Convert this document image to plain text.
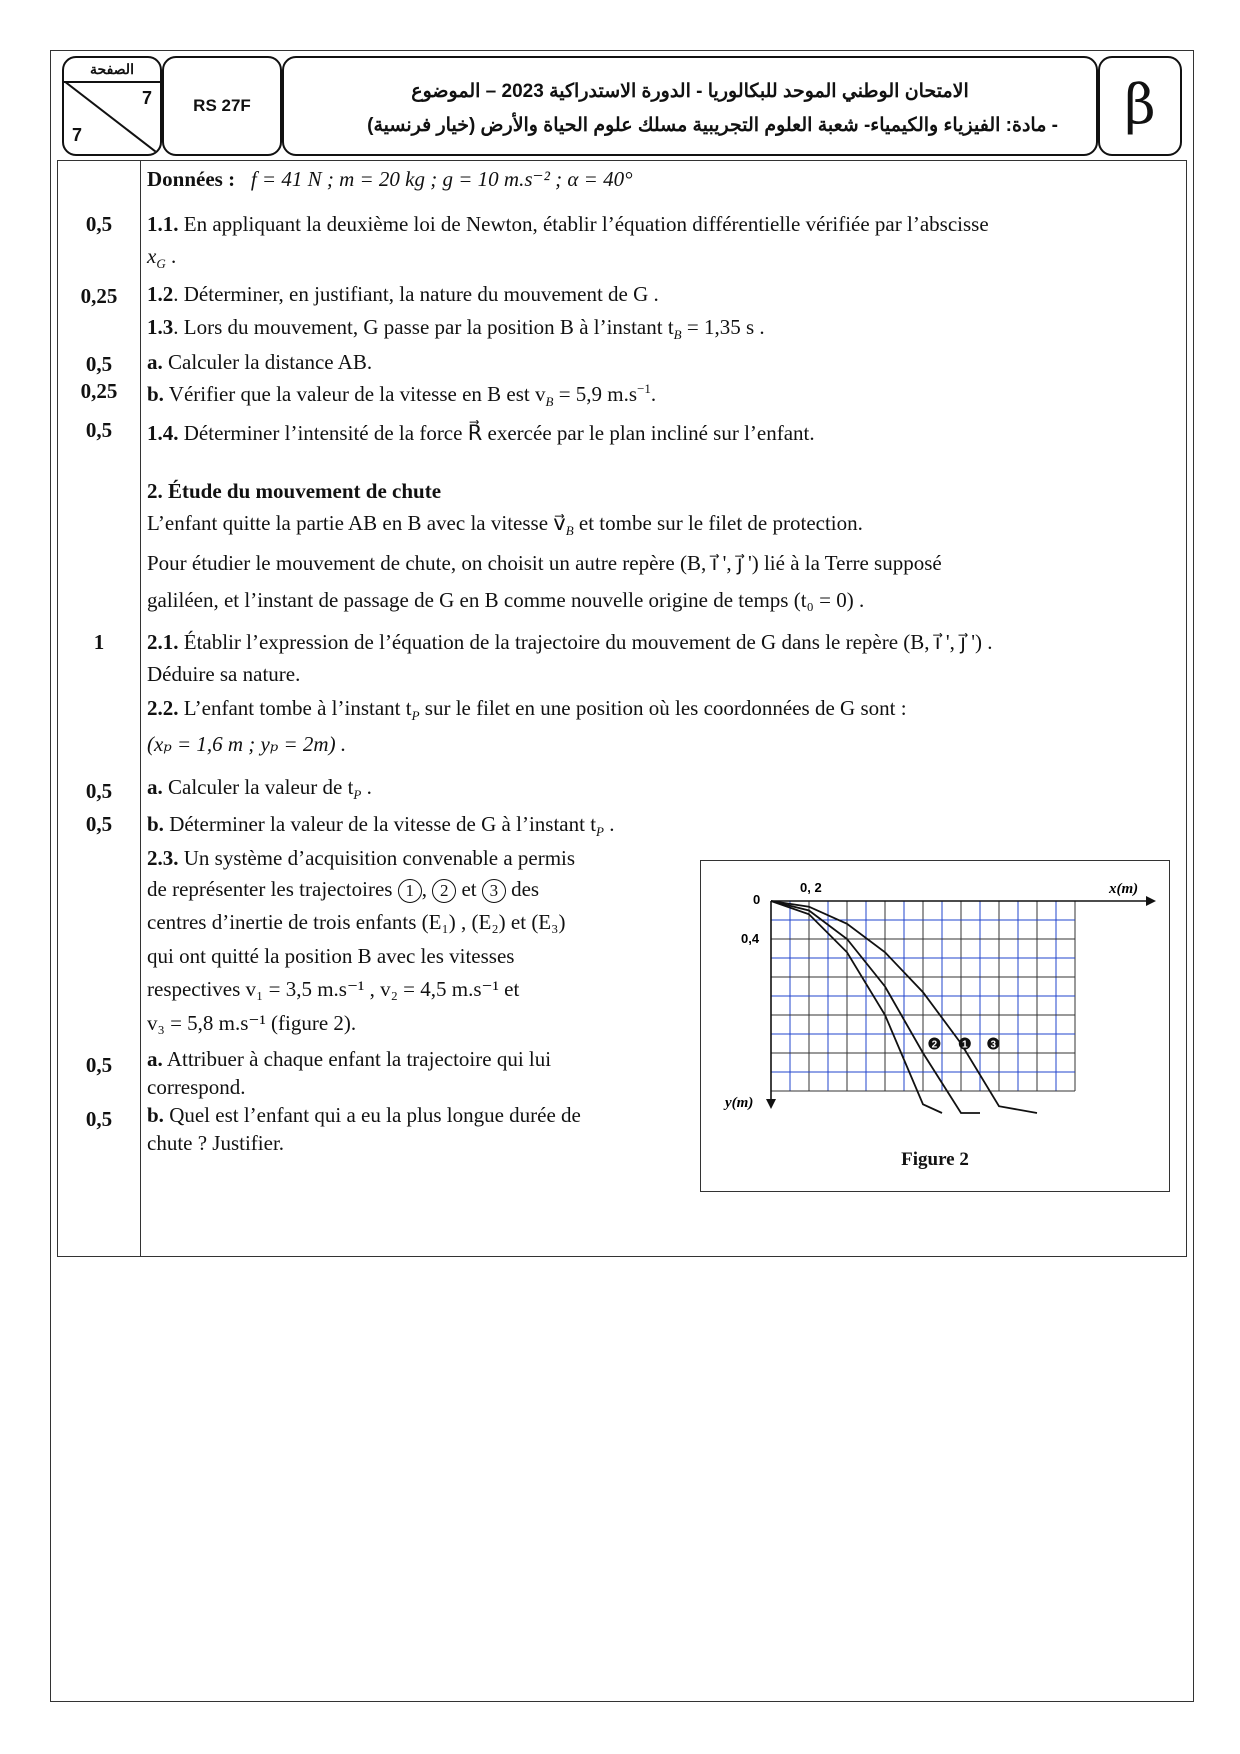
الصفحة
7
7
RS 27F
الامتحان الوطني الموحد للبكالوريا - الدورة الاستدراكية 2023 – الموضوع
- مادة: الفيزياء والكيمياء- شعبة العلوم التجريبية مسلك علوم الحياة والأرض (خيار فرنسية)	β
0,5
0,25
0,5
0,25
0,5
1
0,5
0,5
0,5
0,5
Données : f = 41 N ; m = 20 kg ; g = 10 m.s⁻² ; α = 40°
1.1. En appliquant la deuxième loi de Newton, établir l’équation différentielle vérifiée par l’abscisse
$x_G$ .
1.2. Déterminer, en justifiant, la nature du mouvement de G .
1.3. Lors du mouvement, G passe par la position B à l’instant $t_B = 1,35$ s .
a. Calculer la distance AB.
b. Vérifier que la valeur de la vitesse en B est $v_B = 5,9$ $m.s^{-1}$.
1.4. Déterminer l’intensité de la force R⃗ exercée par le plan incliné sur l’enfant.
2. Étude du mouvement de chute
L’enfant quitte la partie AB en B avec la vitesse $v⃗_B$ et tombe sur le filet de protection.
Pour étudier le mouvement de chute, on choisit un autre repère (B, i⃗ ', j⃗ ') lié à la Terre supposé
galiléen, et l’instant de passage de G en B comme nouvelle origine de temps (t₀ = 0) .
2.1. Établir l’expression de l’équation de la trajectoire du mouvement de G dans le repère (B, i⃗ ', j⃗ ') .
Déduire sa nature.
2.2. L’enfant tombe à l’instant $t_P$ sur le filet en une position où les coordonnées de G sont :
(xₚ = 1,6 m ; yₚ = 2m) .
a. Calculer la valeur de $t_P$ .
b. Déterminer la valeur de la vitesse de G à l’instant $t_P$ .
2.3. Un système d’acquisition convenable a permis
de représenter les trajectoires 1 , 2 et 3 des
centres d’inertie de trois enfants (E₁) , (E₂) et (E₃)
qui ont quitté la position B avec les vitesses
respectives v₁ = 3,5 m.s⁻¹ , v₂ = 4,5 m.s⁻¹ et
v₃ = 5,8 m.s⁻¹ (figure 2).
a. Attribuer à chaque enfant la trajectoire qui lui
correspond.
b. Quel est l’enfant qui a eu la plus longue durée de
chute ? Justifier.
0
0, 2
0,4
x(m)
y(m)
2 1 3
Figure 2
